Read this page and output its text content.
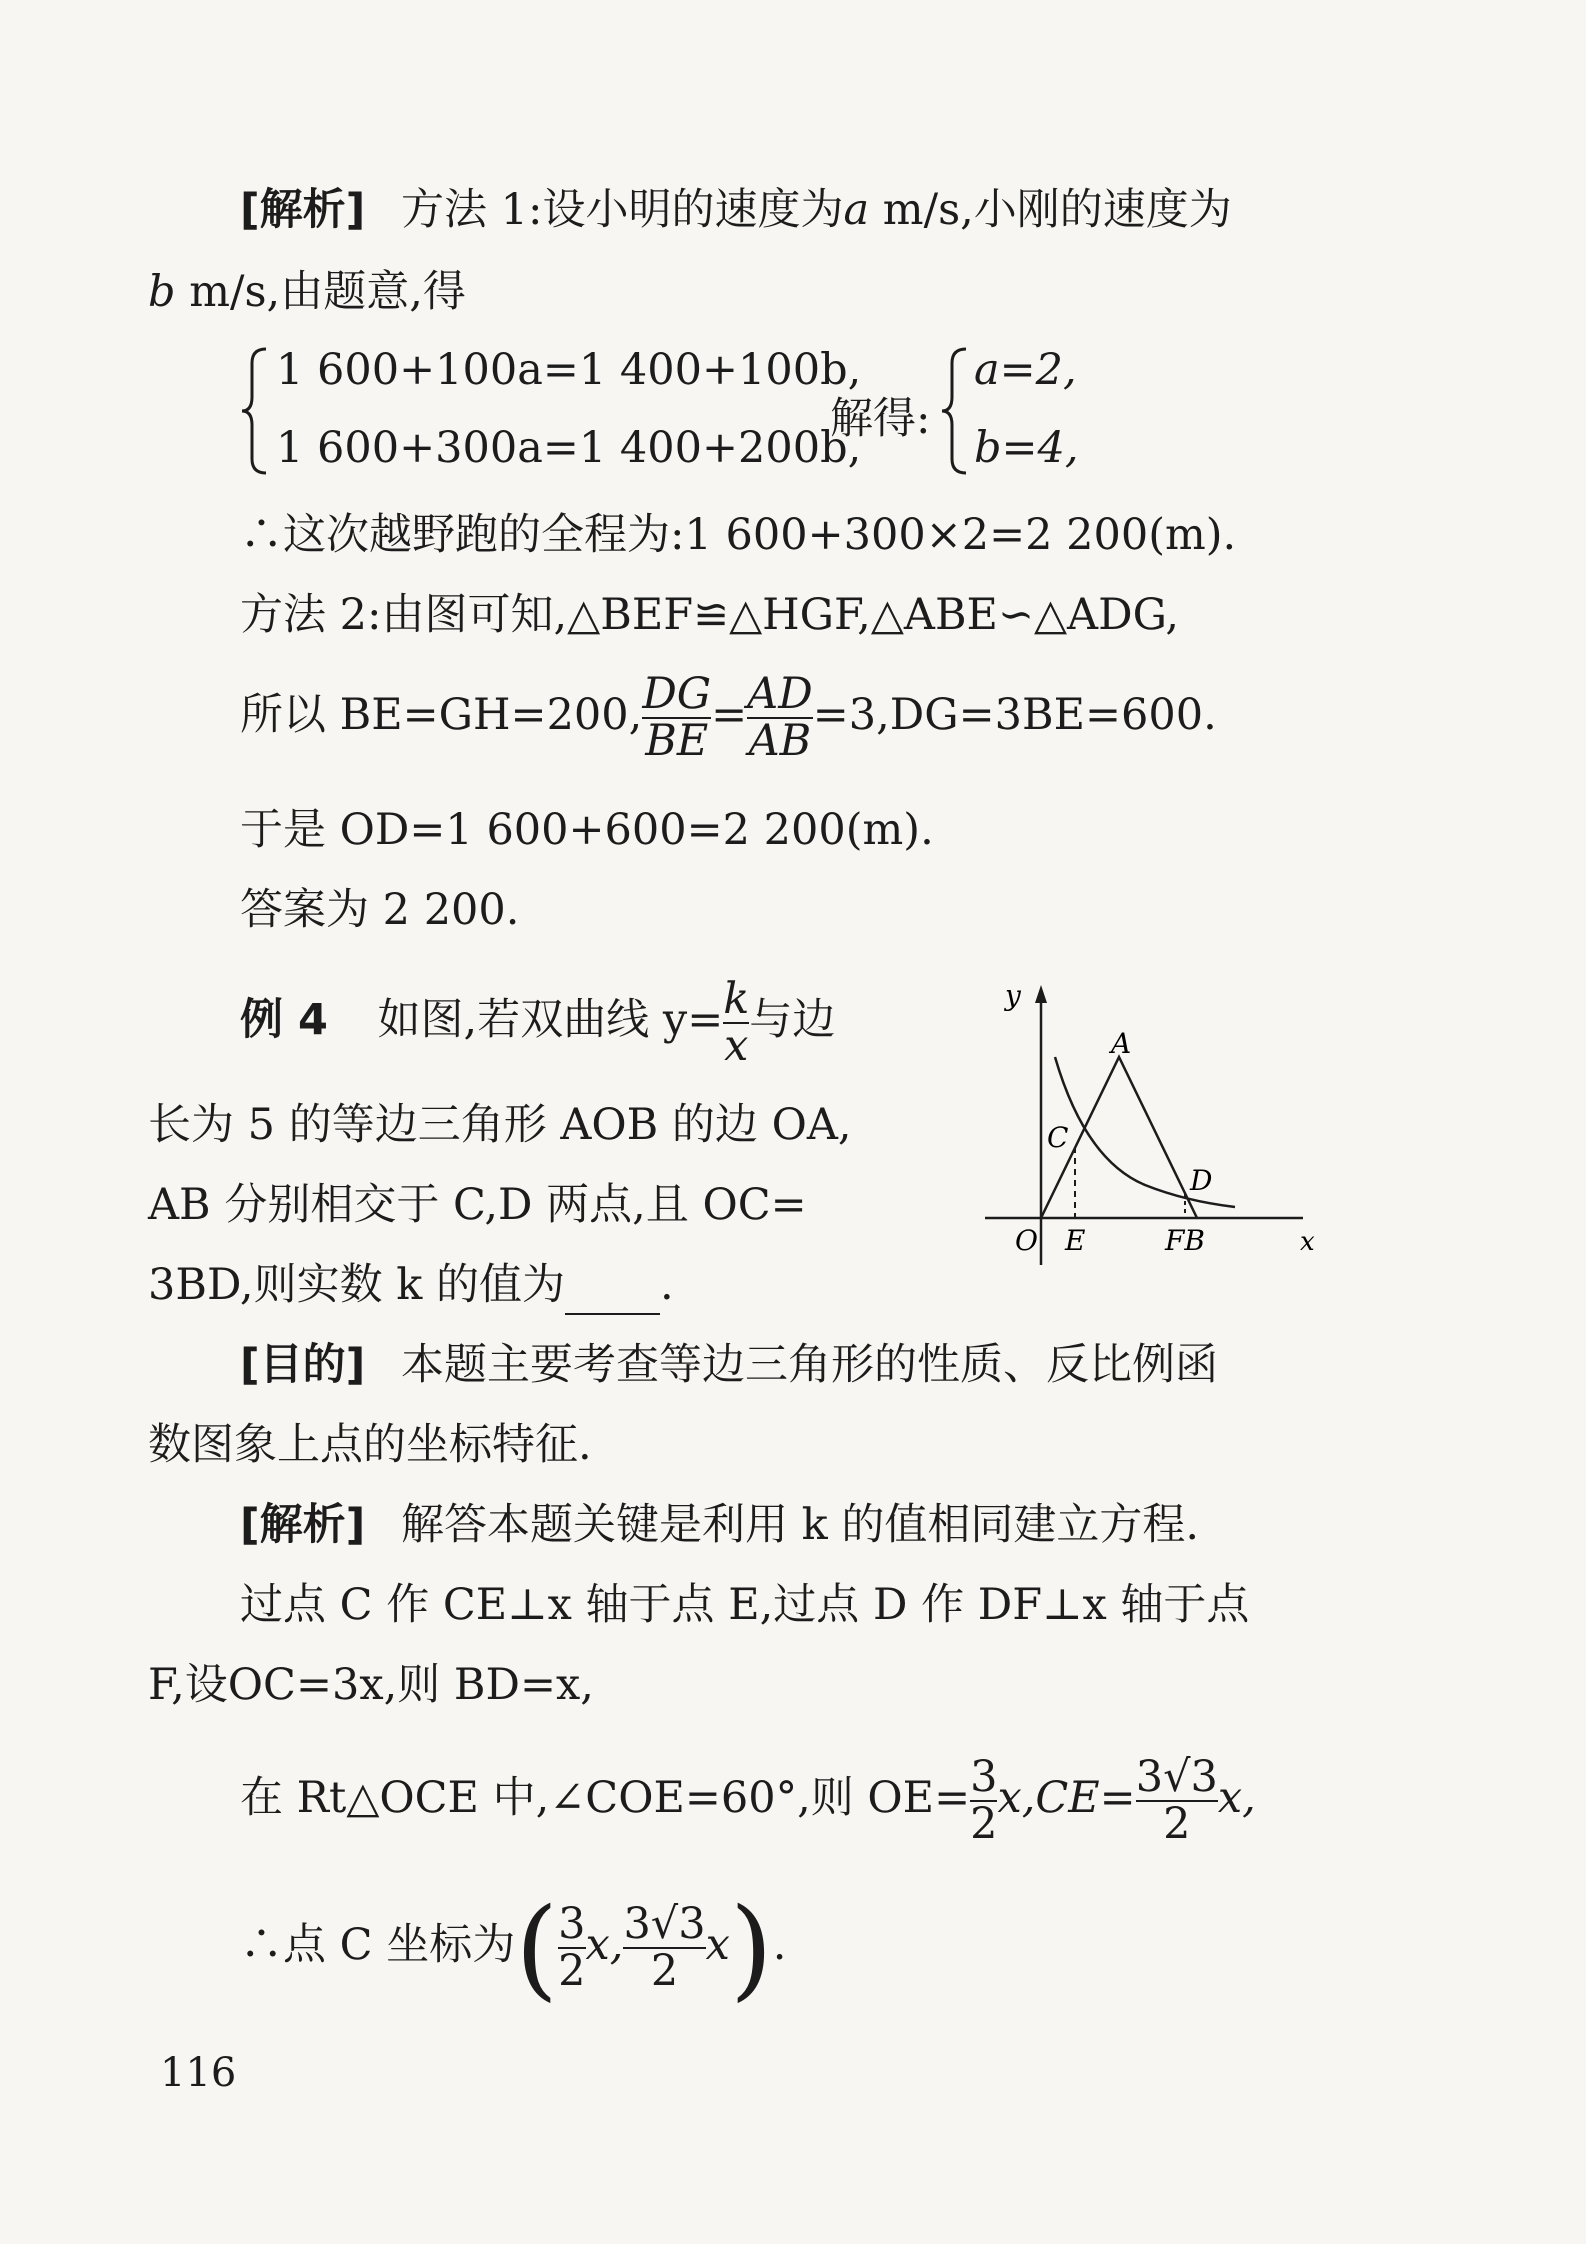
[解析] 方法 1:设小明的速度为a m/s,小刚的速度为
b m/s,由题意,得
1 600+100a=1 400+100b,
1 600+300a=1 400+200b,
解得:
a=2,
b=4,
∴这次越野跑的全程为:1 600+300×2=2 200(m).
方法 2:由图可知,△BEF≌△HGF,△ABE∽△ADG,
所以 BE=GH=200, $\frac{DG}{BE} = \frac{AD}{AB} =3,DG=3BE=600$.
于是 OD=1 600+600=2 200(m).
答案为 2 200.
例 4 如图,若双曲线 $y= \frac{k}{x}$ 与边
长为 5 的等边三角形 AOB 的边 OA,
AB 分别相交于 C,D 两点,且 OC=
3BD,则实数 k 的值为 .
y
x
O
A
C
D
E	FB
[目的] 本题主要考查等边三角形的性质、反比例函
数图象上点的坐标特征.
[解析] 解答本题关键是利用 k 的值相同建立方程.
过点 C 作 CE⊥x 轴于点 E,过点 D 作 DF⊥x 轴于点
F,设OC=3x,则 BD=x,
在 Rt△OCE 中,∠COE=60°,则 $OE= \frac{3}{2} x,CE= \frac{3√3}{2} x$,
∴点 C 坐标为( $\frac{3}{2} x$, $\frac{3√3}{2} x$).
116
